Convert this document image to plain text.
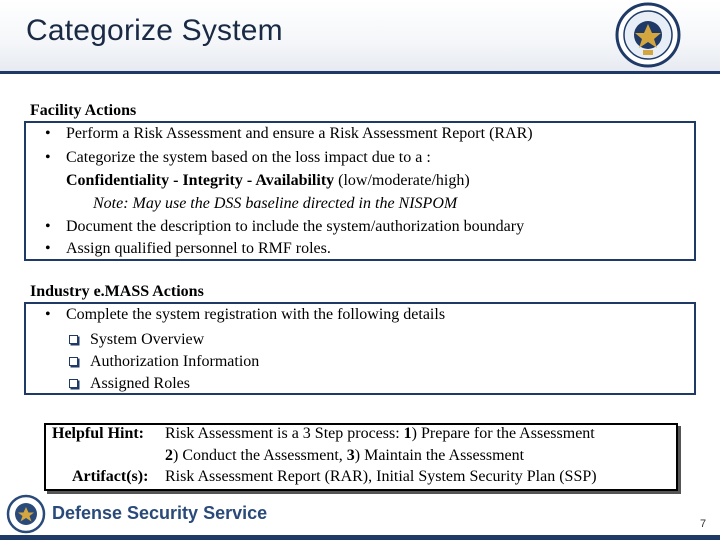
Categorize System
Facility Actions
• Perform a Risk Assessment and ensure a Risk Assessment Report (RAR)
• Categorize the system based on the loss impact due to a :
Confidentiality - Integrity - Availability (low/moderate/high)
Note: May use the DSS baseline directed in the NISPOM
• Document the description to include the system/authorization boundary
• Assign qualified personnel to RMF roles.
Industry e.MASS Actions
• Complete the system registration with the following details
System Overview
Authorization Information
Assigned Roles
Helpful Hint: Risk Assessment is a 3 Step process: 1) Prepare for the Assessment
2) Conduct the Assessment, 3) Maintain the Assessment
Artifact(s): Risk Assessment Report (RAR), Initial System Security Plan (SSP)
Defense Security Service
7
